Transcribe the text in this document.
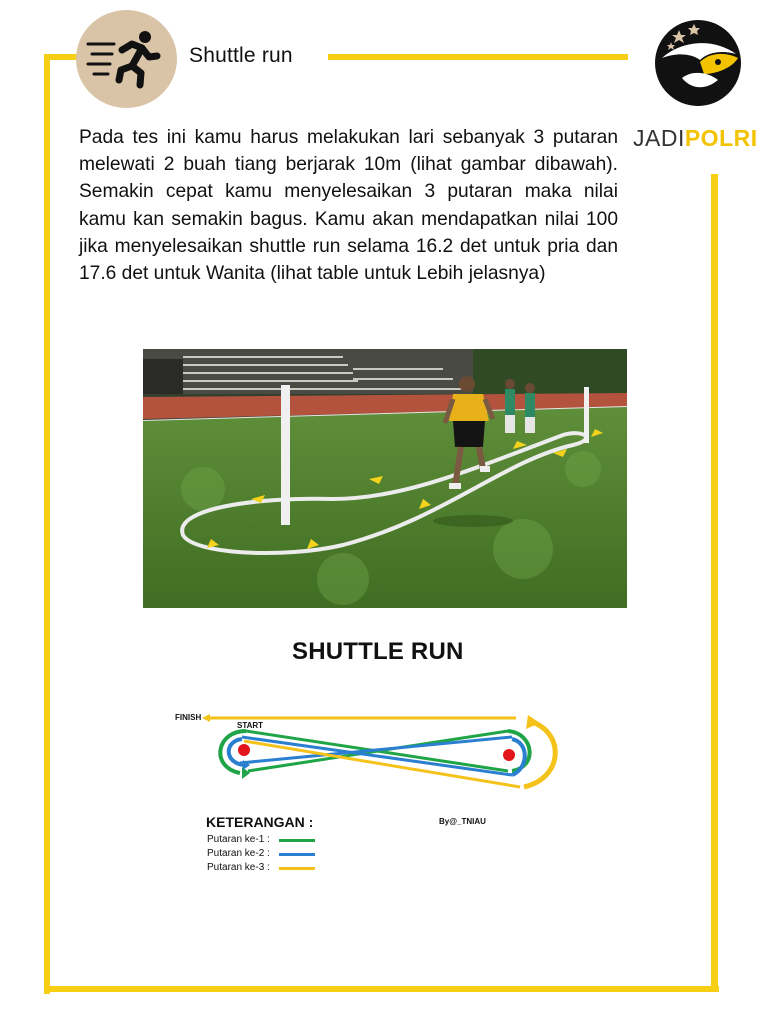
Shuttle run
JADIPOLRI

Pada tes ini kamu harus melakukan lari sebanyak 3 putaran melewati 2 buah tiang berjarak 10m (lihat gambar dibawah). Semakin cepat kamu menyelesaikan 3 putaran maka nilai kamu kan semakin bagus. Kamu akan mendapatkan nilai 100 jika menyelesaikan shuttle run selama 16.2 det untuk pria dan 17.6 det untuk Wanita (lihat table untuk Lebih jelasnya)

SHUTTLE RUN
FINISH
START
By@_TNIAU
KETERANGAN :
Putaran ke-1 :
Putaran ke-2 :
Putaran ke-3 :
